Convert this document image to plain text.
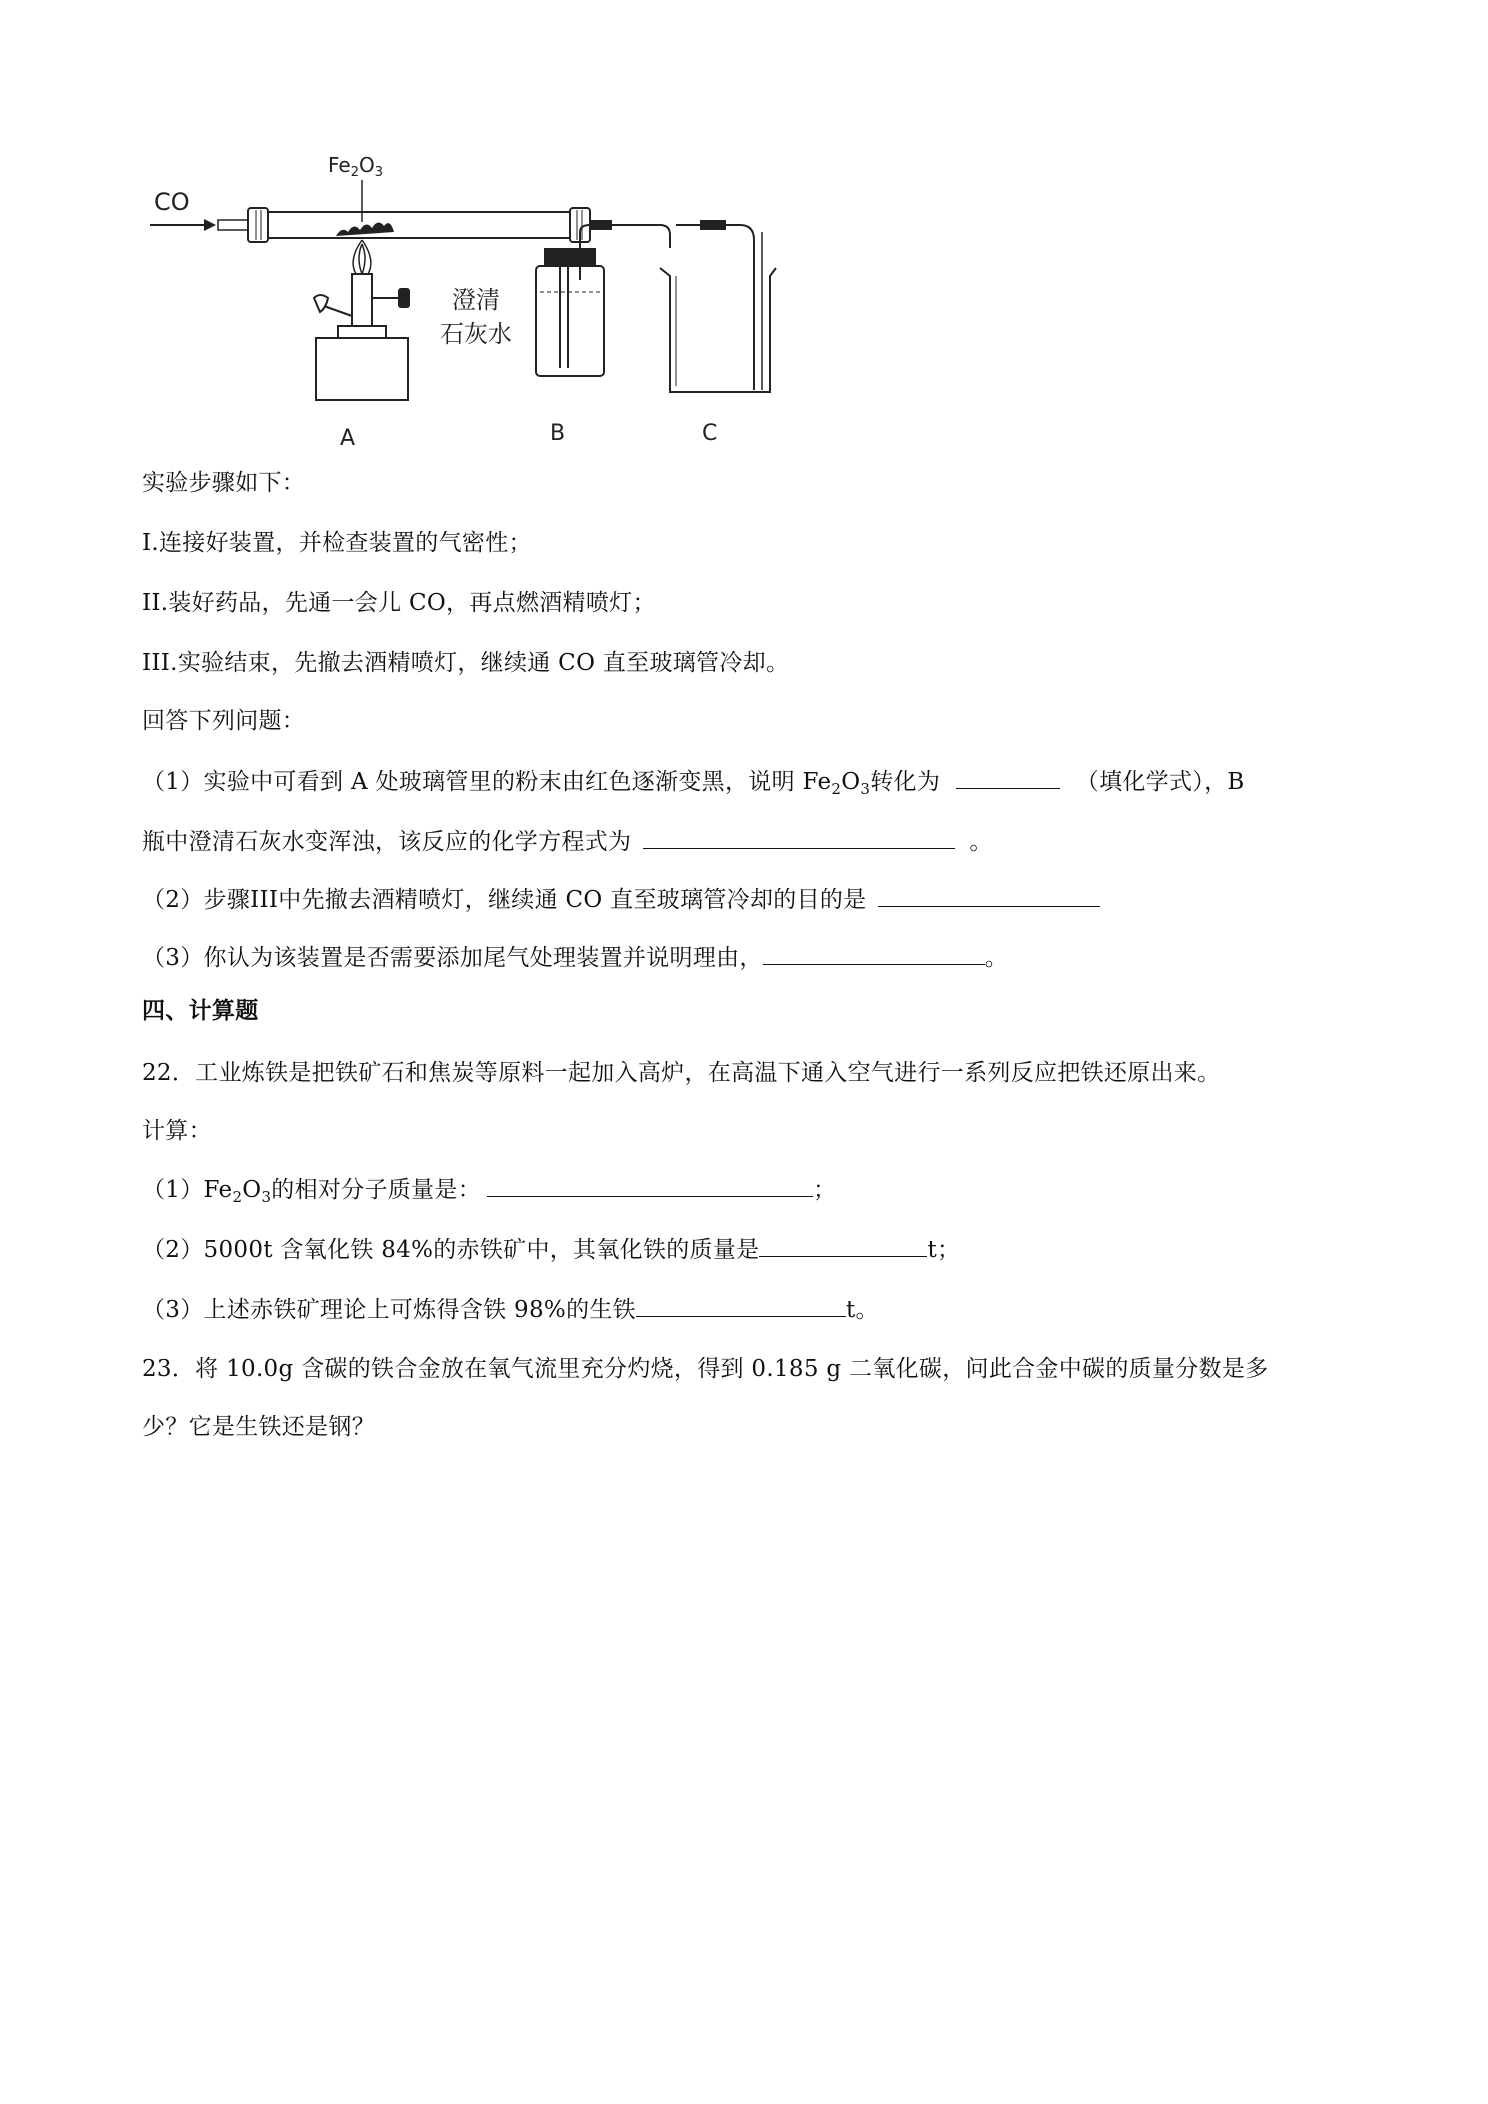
CO
$Fe_2O_3$
A
澄清
石灰水
B	C
实验步骤如下：
I.连接好装置，并检查装置的气密性；
II.装好药品，先通一会儿 CO，再点燃酒精喷灯；
III.实验结束，先撤去酒精喷灯，继续通 CO 直至玻璃管冷却。
回答下列问题：
（1）实验中可看到 A 处玻璃管里的粉末由红色逐渐变黑，说明 $Fe_2O_3$转化为	（填化学式），B
瓶中澄清石灰水变浑浊，该反应的化学方程式为	。
（2）步骤III中先撤去酒精喷灯，继续通 CO 直至玻璃管冷却的目的是
（3）你认为该装置是否需要添加尾气处理装置并说明理由，	。
四、计算题
22．工业炼铁是把铁矿石和焦炭等原料一起加入高炉，在高温下通入空气进行一系列反应把铁还原出来。
计算：
$(1)Fe_2O_3$的相对分子质量是：	；
（2）5000t 含氧化铁 84%的赤铁矿中，其氧化铁的质量是	t；
（3）上述赤铁矿理论上可炼得含铁 98%的生铁	t。
23．将 10.0g 含碳的铁合金放在氧气流里充分灼烧，得到 0.185 g 二氧化碳，问此合金中碳的质量分数是多
少？它是生铁还是钢？
